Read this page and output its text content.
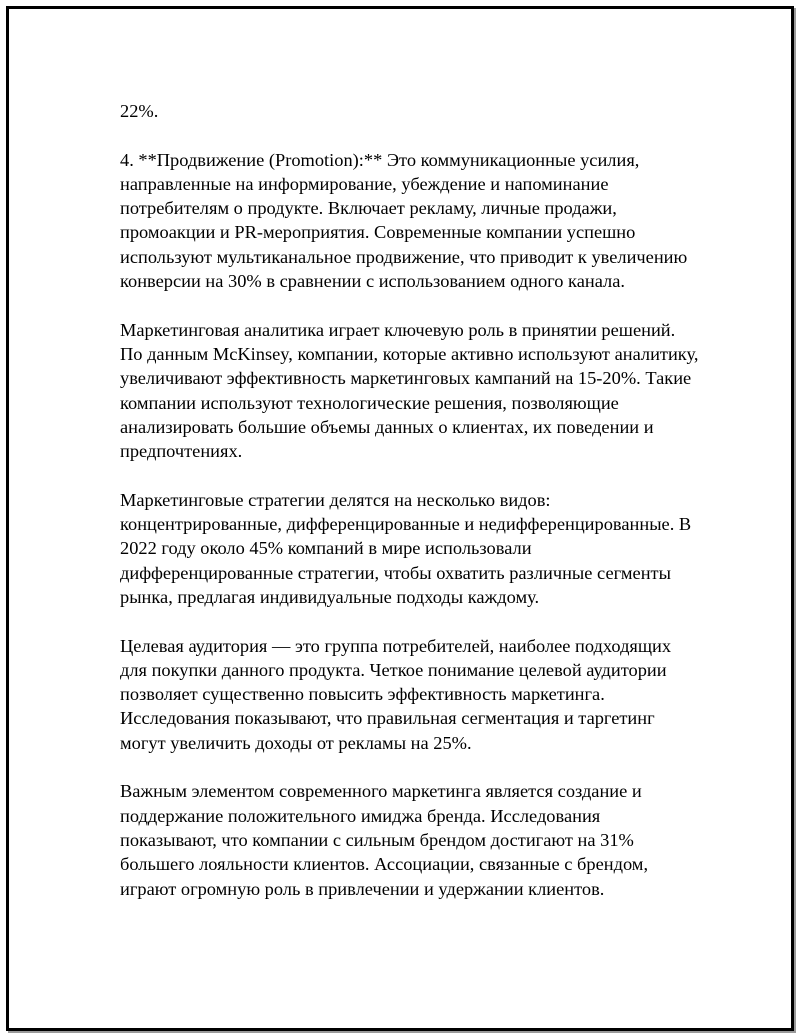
22%.

4. **Продвижение (Promotion):** Это коммуникационные усилия, направленные на информирование, убеждение и напоминание потребителям о продукте. Включает рекламу, личные продажи, промоакции и PR-мероприятия. Современные компании успешно используют мультиканальное продвижение, что приводит к увеличению конверсии на 30% в сравнении с использованием одного канала.

Маркетинговая аналитика играет ключевую роль в принятии решений. По данным McKinsey, компании, которые активно используют аналитику, увеличивают эффективность маркетинговых кампаний на 15-20%. Такие компании используют технологические решения, позволяющие анализировать большие объемы данных о клиентах, их поведении и предпочтениях.

Маркетинговые стратегии делятся на несколько видов: концентрированные, дифференцированные и недифференцированные. В 2022 году около 45% компаний в мире использовали дифференцированные стратегии, чтобы охватить различные сегменты рынка, предлагая индивидуальные подходы каждому.

Целевая аудитория — это группа потребителей, наиболее подходящих для покупки данного продукта. Четкое понимание целевой аудитории позволяет существенно повысить эффективность маркетинга. Исследования показывают, что правильная сегментация и таргетинг могут увеличить доходы от рекламы на 25%.

Важным элементом современного маркетинга является создание и поддержание положительного имиджа бренда. Исследования показывают, что компании с сильным брендом достигают на 31% большего лояльности клиентов. Ассоциации, связанные с брендом, играют огромную роль в привлечении и удержании клиентов.
